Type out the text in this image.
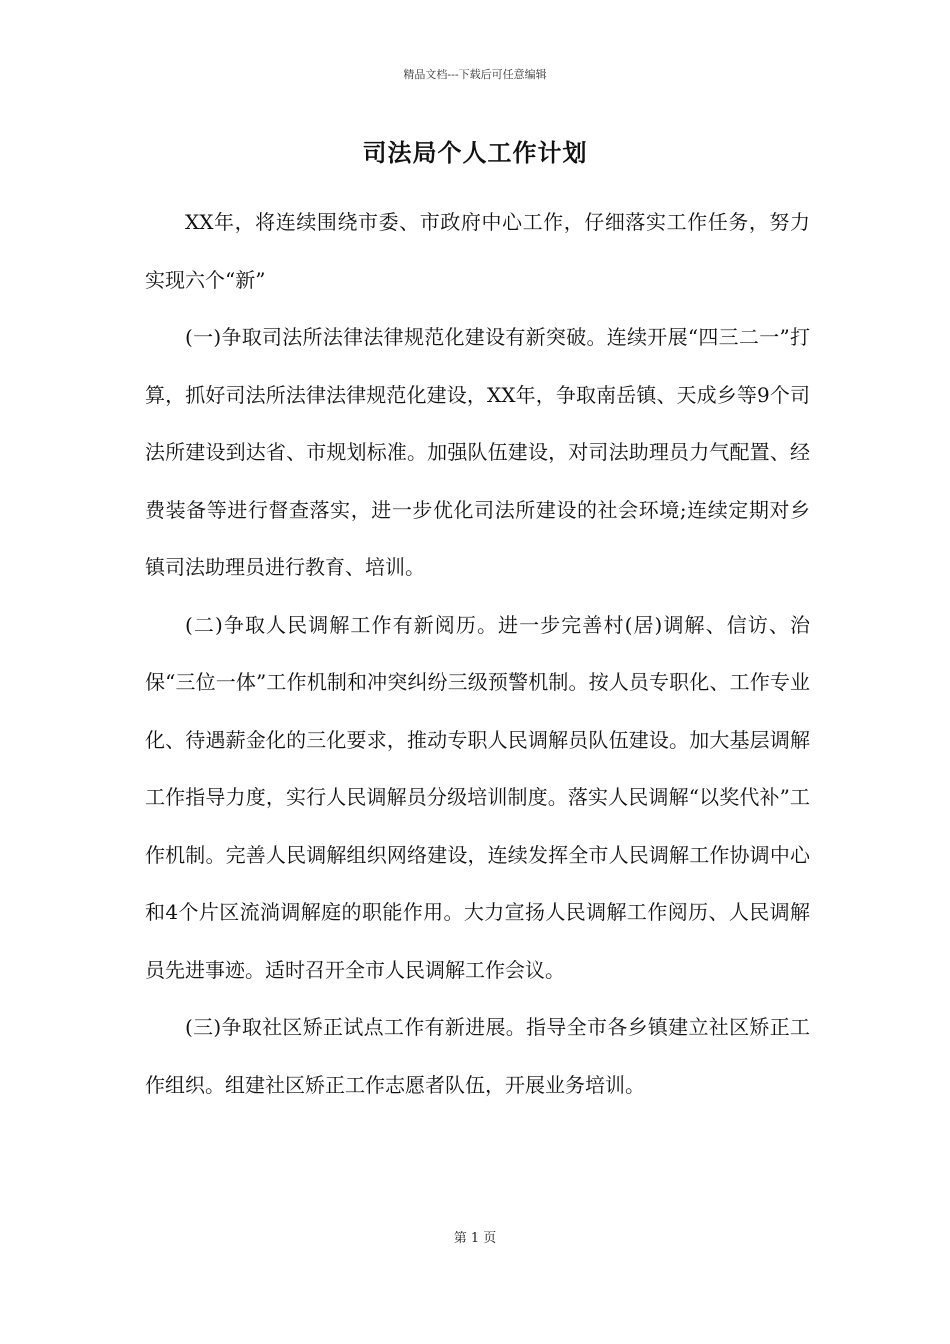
精品文档---下载后可任意编辑
司法局个人工作计划

XX年，将连续围绕市委、市政府中心工作，仔细落实工作任务，努力实现六个“新”

(一)争取司法所法律法律规范化建设有新突破。连续开展“四三二一”打算，抓好司法所法律法律规范化建设，XX年，争取南岳镇、天成乡等9个司法所建设到达省、市规划标准。加强队伍建设，对司法助理员力气配置、经费装备等进行督查落实，进一步优化司法所建设的社会环境;连续定期对乡镇司法助理员进行教育、培训。

(二)争取人民调解工作有新阅历。进一步完善村(居)调解、信访、治保“三位一体”工作机制和冲突纠纷三级预警机制。按人员专职化、工作专业化、待遇薪金化的三化要求，推动专职人民调解员队伍建设。加大基层调解工作指导力度，实行人民调解员分级培训制度。落实人民调解“以奖代补”工作机制。完善人民调解组织网络建设，连续发挥全市人民调解工作协调中心和4个片区流淌调解庭的职能作用。大力宣扬人民调解工作阅历、人民调解员先进事迹。适时召开全市人民调解工作会议。

(三)争取社区矫正试点工作有新进展。指导全市各乡镇建立社区矫正工作组织。组建社区矫正工作志愿者队伍，开展业务培训。

第 1 页
